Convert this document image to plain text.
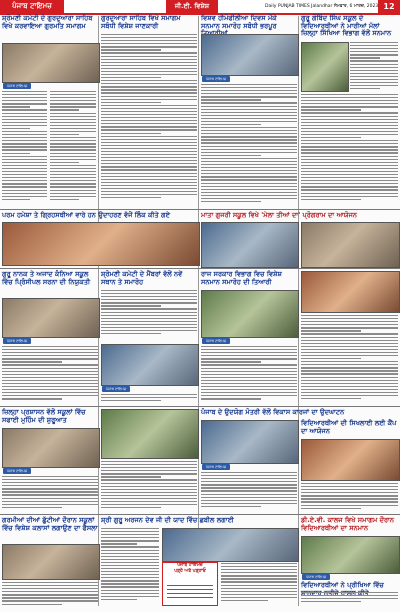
ਪੰਜਾਬ ਟਾਇਮਜ਼	ਜੀ.ਈ. ਵਿਸ਼ੇਸ਼	Daily PUNJAB TIMES Jalandhar ਸੋਮਵਾਰ, 6 ਮਾਰਚ, 2023 12
ਸ਼੍ਰੋਮਣੀ ਕਮੇਟੀ ਦੇ ਗੁਰਦੁਆਰਾ ਸਾਹਿਬ ਵਿਖੇ ਕਰਵਾਇਆ ਗੁਰਮਤਿ ਸਮਾਗਮ
ਪੰਜਾਬ ਟਾਇਮਜ਼
ਗੁਰਦੁਆਰਾ ਸਾਹਿਬ ਵਿਖੇ ਸਮਾਗਮ ਸਬੰਧੀ ਵਿਸ਼ੇਸ਼ ਜਾਣਕਾਰੀ
ਵਿਸ਼ਵ ਹੀਮੋਫੀਲੀਆ ਦਿਵਸ ਮੌਕੇ ਸਨਮਾਨ ਸਮਾਰੋਹ ਸਬੰਧੀ ਭਰਪੂਰ
ਪੰਜਾਬ ਟਾਇਮਜ਼
ਗੁਰੂ ਗੋਬਿੰਦ ਸਿੰਘ ਸਕੂਲ ਦੇ ਵਿਦਿਆਰਥੀਆਂ ਨੇ ਮਾਰੀਆਂ ਮੱਲਾਂ ਜ਼ਿਲ੍ਹਾ ਸਿੱਖਿਆ ਵਿਭਾਗ ਵੱਲੋਂ ਸਨਮਾਨ
ਪਰਮ ਹਮੇਸ਼ਾ ਤੇ ਗ੍ਰਿਹਸਥੀਆਂ ਵਾਰੇ ਹਨ ਉਦਾਹਰਣ ਵੱਜੋਂ ਲਿੰਕ ਕੀਤੇ ਗਏ	ਮਾਤਾ ਗੁਜਰੀ ਸਕੂਲ ਵਿਖੇ 'ਮੇਲਾ ਤੀਆਂ ਦਾ' ਪ੍ਰੋਗਰਾਮ ਦਾ ਆਯੋਜਨ
ਗੁਰੂ ਨਾਨਕ ਤੇ ਅਜਾਦ ਕੰਨਿਆ ਸਕੂਲ ਵਿੱਚ ਪ੍ਰਿੰਸੀਪਲ ਸਰਨਾ ਦੀ ਨਿਯੁਕਤੀ
ਪੰਜਾਬ ਟਾਇਮਜ਼
ਸ਼੍ਰੋਮਣੀ ਕਮੇਟੀ ਦੇ ਮੈਂਬਰਾਂ ਵੱਲੋਂ ਨਵੇਂ ਸਥਾਨ ਤੇ ਸਮਾਰੋਹ
ਰਾਜ ਸਰਕਾਰ ਵਿਭਾਗ ਵਿਚ ਵਿਸ਼ੇਸ਼ ਸਨਮਾਨ ਸਮਾਰੋਹ ਦੀ ਤਿਆਰੀ
ਪੰਜਾਬ ਟਾਇਮਜ਼
ਪੰਜਾਬ ਟਾਇਮਜ਼
ਜ਼ਿਲ੍ਹਾ ਪ੍ਰਸ਼ਾਸਨ ਵੱਲੋਂ ਸਕੂਲਾਂ ਵਿੱਚ ਸਫਾਈ ਮੁਹਿੰਮ ਦੀ ਸ਼ੁਰੂਆਤ
ਪੰਜਾਬ ਟਾਇਮਜ਼
ਪੰਜਾਬ ਦੇ ਉਦਯੋਗ ਮੰਤਰੀ ਵੱਲੋਂ ਵਿਕਾਸ ਕਾਰਜਾਂ ਦਾ ਉਦਘਾਟਨ
ਪੰਜਾਬ ਟਾਇਮਜ਼
ਵਿਦਿਆਰਥੀਆਂ ਦੀ ਸਿਖਲਾਈ ਲਈ ਕੈਂਪ ਦਾ ਆਯੋਜਨ
ਗਰਮੀਆਂ ਦੀਆਂ ਛੁੱਟੀਆਂ ਦੌਰਾਨ ਸਕੂਲਾਂ ਵਿੱਚ ਵਿਸ਼ੇਸ਼ ਕਲਾਸਾਂ ਲਗਾਉਣ ਦਾ ਫੈਸਲਾ
ਸ਼੍ਰੀ ਗੁਰੂ ਅਰਜਨ ਦੇਵ ਜੀ ਦੀ ਯਾਦ ਵਿੱਚ ਛਬੀਲ ਲਗਾਈ
ਪੰਜਾਬ ਟਾਇਮਜ਼
ਪੜ੍ਹੋ ਅਤੇ ਪੜ੍ਹਾਓ
ਡੀ.ਏ.ਵੀ. ਕਾਲਜ ਵਿਖੇ ਸਮਾਗਮ ਦੌਰਾਨ ਵਿਦਿਆਰਥੀਆਂ ਦਾ ਸਨਮਾਨ
ਪੰਜਾਬ ਟਾਇਮਜ਼
ਵਿਦਿਆਰਥੀਆਂ ਨੇ ਪ੍ਰੀਖਿਆ ਵਿੱਚ
